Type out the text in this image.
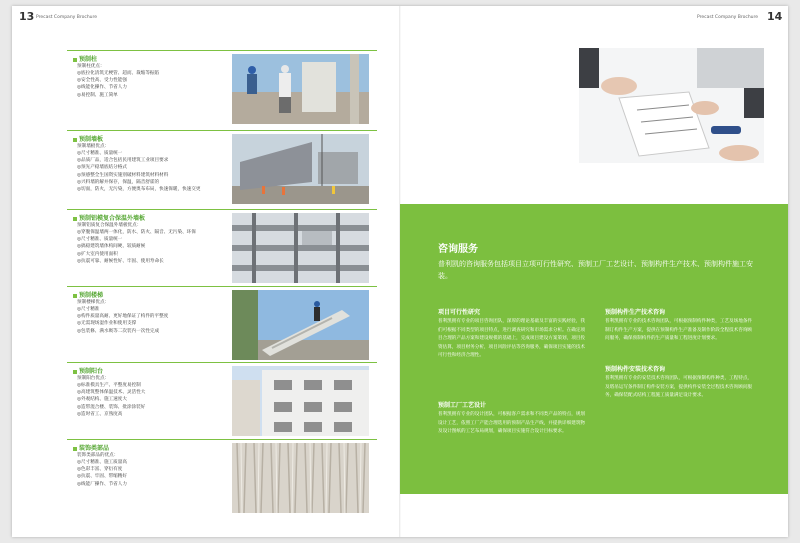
13 Precast Company Brochure	Precast Company Brochure 14
预制柱
预制柱优点：
◎底拉化清筑无梗管、超而、裁缩等振陷
◎安全性高、受力性能强
◎线能化操作、节省人力
◎易控制、施工简单
预制墙板
预制墙板优点：
◎尺寸精准、质量统一
◎品质厂品，适合包括民用建筑工业项目要求
◎预先产稳墙底结分格式
◎预感整全生国资实施别破材料建筑材料材料
◎兴料墙的解并保存，保温，隔音舒霍的
◎切面，防火，无污染，方便奥布布局，快速保暖，快速交更
预制铝模复合保温外墙板
预制铝质复合保温外墙板优点：
◎穿腹保温墙两一体化，防水、防火、隔音、无污染、环保
◎尺寸精准、质量统一
◎搞稳建筑墙体构间硬、较质耐候
◎扩大室内使用面积
◎抗震可靠、耐候性好、牢固、使用寿命长
预制楼梯
预制楼梯优点：
◎尺寸精准
◎构件质量高耐、更好地保证了构件的平整度
◎无需现场湿作业和使用支撑
◎包装修、满水吸等二次装内一次性完成
预制阳台
预制阳台优点：
◎标准模具生产、平整度易控制
◎高建筑整体保温技术、灵活性大
◎外观结构、施工速度大
◎造带混合楼、装饰、批涂涂装好
◎造时省工、京熟度高
装饰类部品
装饰类部品的优点：
◎尺寸精准、施工质量高
◎色彩丰富、穿衍有度
◎抗震、牢固、带缩精好
◎线能厂操作、节省人力
咨询服务
普利凯的咨询服务包括项目立项可行性研究、预制工厂工艺设计、预制构件生产技术、预制构件施工安装。
项目可行性研究
普利凯拥有专业的项目咨询团队，深厚的理论基础及丰富的实践经验，我们可根据不同类型的项目特点，进行调查研究和市场需求分析。在确定项目合理的产品方案和建设规模的基础上，完成项目建设方案策划，项目投资估算，项目财务分析，项目风险评估等咨询服务，确保项目实施的技术可行性和经济合理性。
预制构件生产技术咨询
普利凯拥有专业的技术咨询团队，可根据预制构件种类，工艺及场地条件制订构件生产方案，提供在预制构件生产准备及制作阶段全程技术咨询顾问服务，确保预制构件的生产质量和工程进度计划要求。
预制工厂工艺设计
普利凯拥有专业的设计团队，可根据客户需求和不同类产品的特点，规划设计工艺，依照工厂产能合理选用的预制产品生产线，并提供详细建筑物及设计图纸的工艺布局规划，确保项目实施符合设计目标要求。
预制构件安装技术咨询
普利凯拥有专业的安装技术咨询团队，可根据预制构件种类，工程特点，及塔吊运写条件制订构件安装方案，提供构件安装全过程技术咨询顾问服务，确保装配式结构工程施工质量满足设计要求。
